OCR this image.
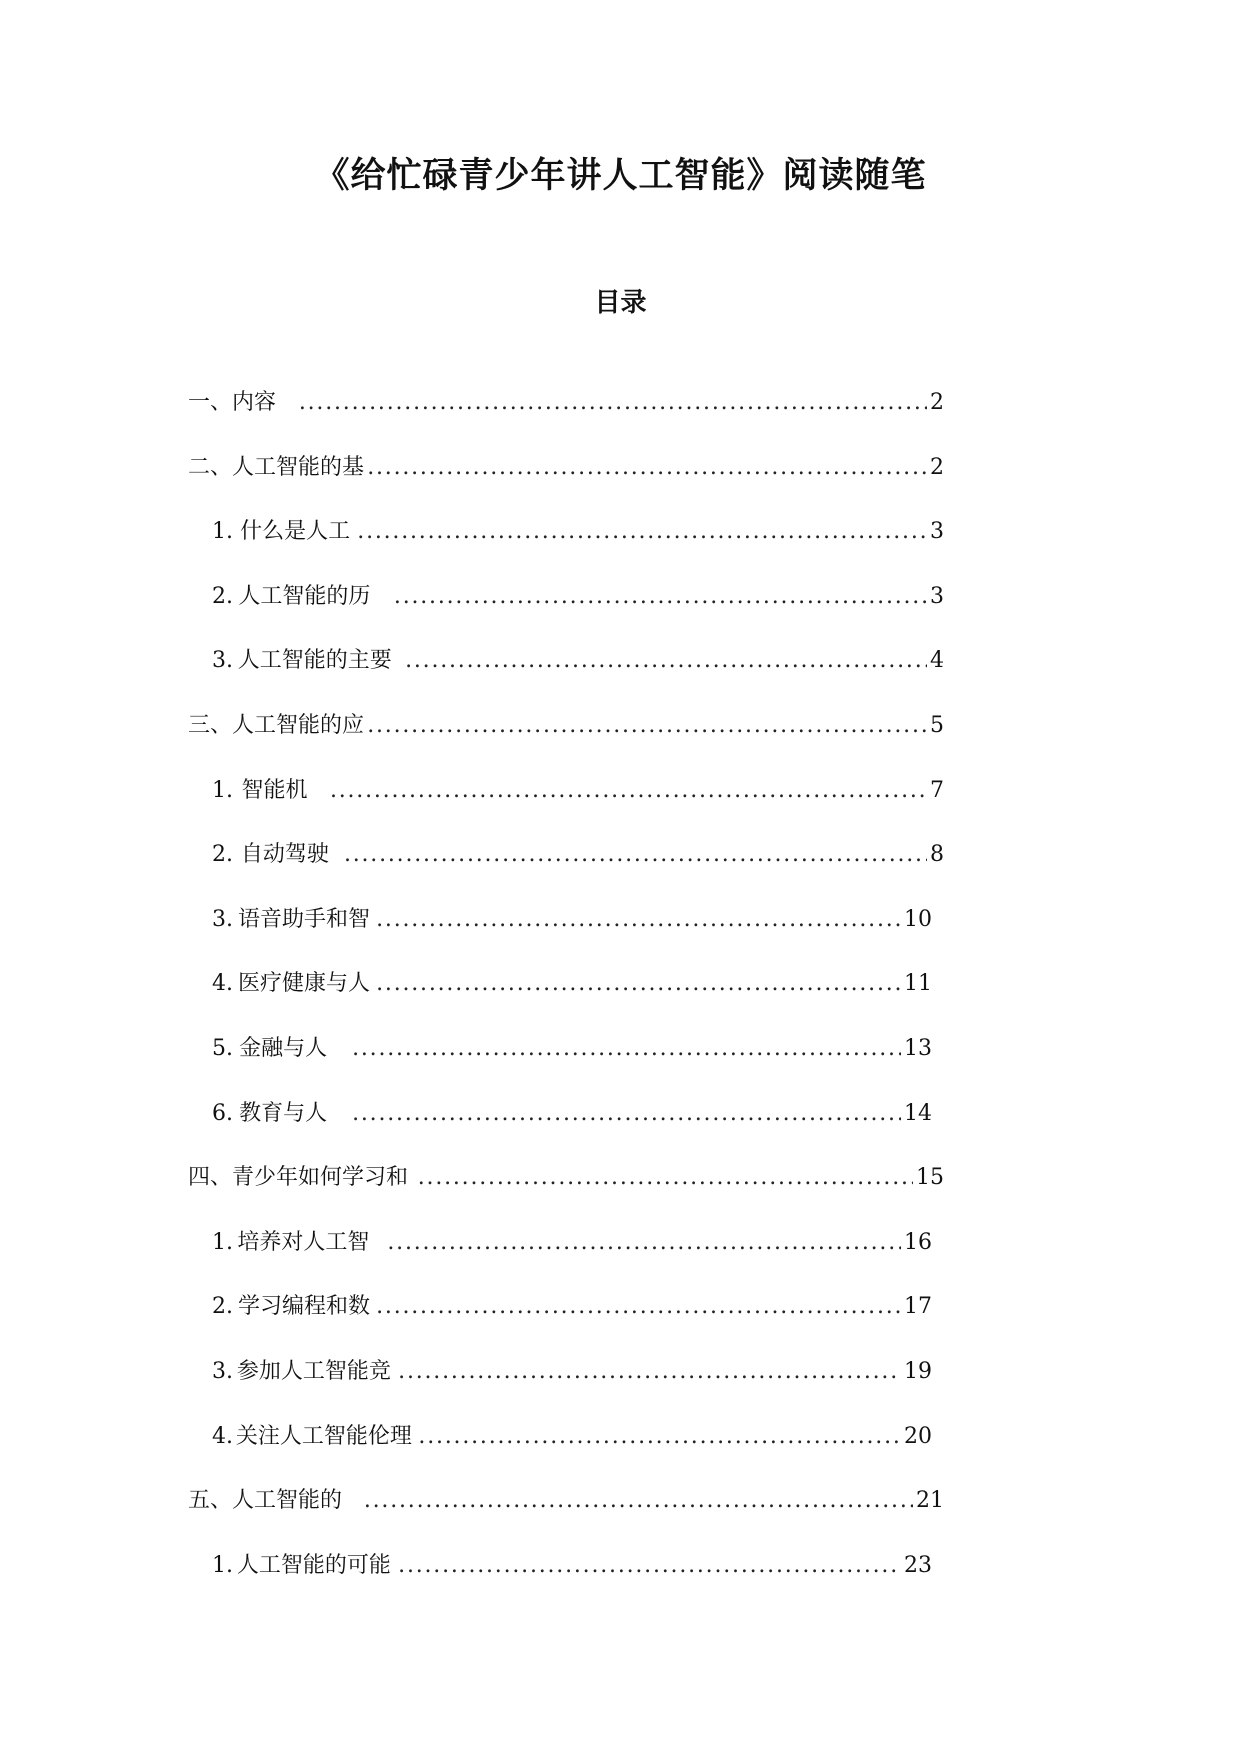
《给忙碌青少年讲人工智能》阅读随笔
目录
一、内容 . . .	2
二、人工智能的基 . . .	2
1. 什么是人工 . . .	3
2. 人工智能的历 . . .	3
3. 人工智能的主要 . . .	4
三、人工智能的应 . . .	5
1. 智能机 . . .	7
2. 自动驾驶 . . .	8
3. 语音助手和智 . . .	10
4. 医疗健康与人 . . .	11
5. 金融与人 . . .	13
6. 教育与人 . . .	14
四、青少年如何学习和 . . .	15
1. 培养对人工智 . . .	16
2. 学习编程和数 . . .	17
3. 参加人工智能竞 . . .	19
4. 关注人工智能伦理 . . .	20
五、人工智能的 . . .	21
1. 人工智能的可能 . . .	23
